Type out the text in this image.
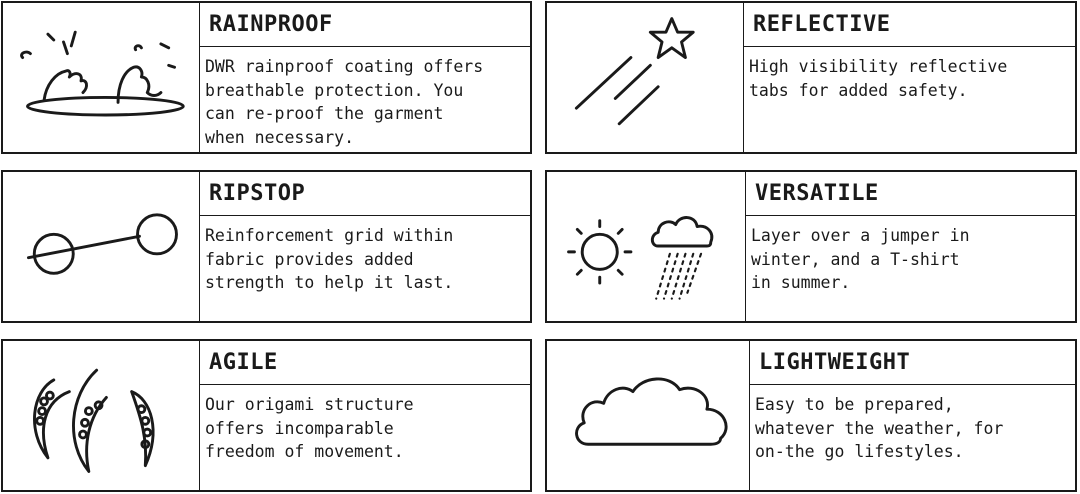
RAINPROOF
DWR rainproof coating offers
breathable protection. You
can re-proof the garment
when necessary.
REFLECTIVE
High visibility reflective
tabs for added safety.
RIPSTOP
Reinforcement grid within
fabric provides added
strength to help it last.
VERSATILE
Layer over a jumper in
winter, and a T-shirt
in summer.
AGILE
Our origami structure
offers incomparable
freedom of movement.
LIGHTWEIGHT
Easy to be prepared,
whatever the weather, for
on-the go lifestyles.
